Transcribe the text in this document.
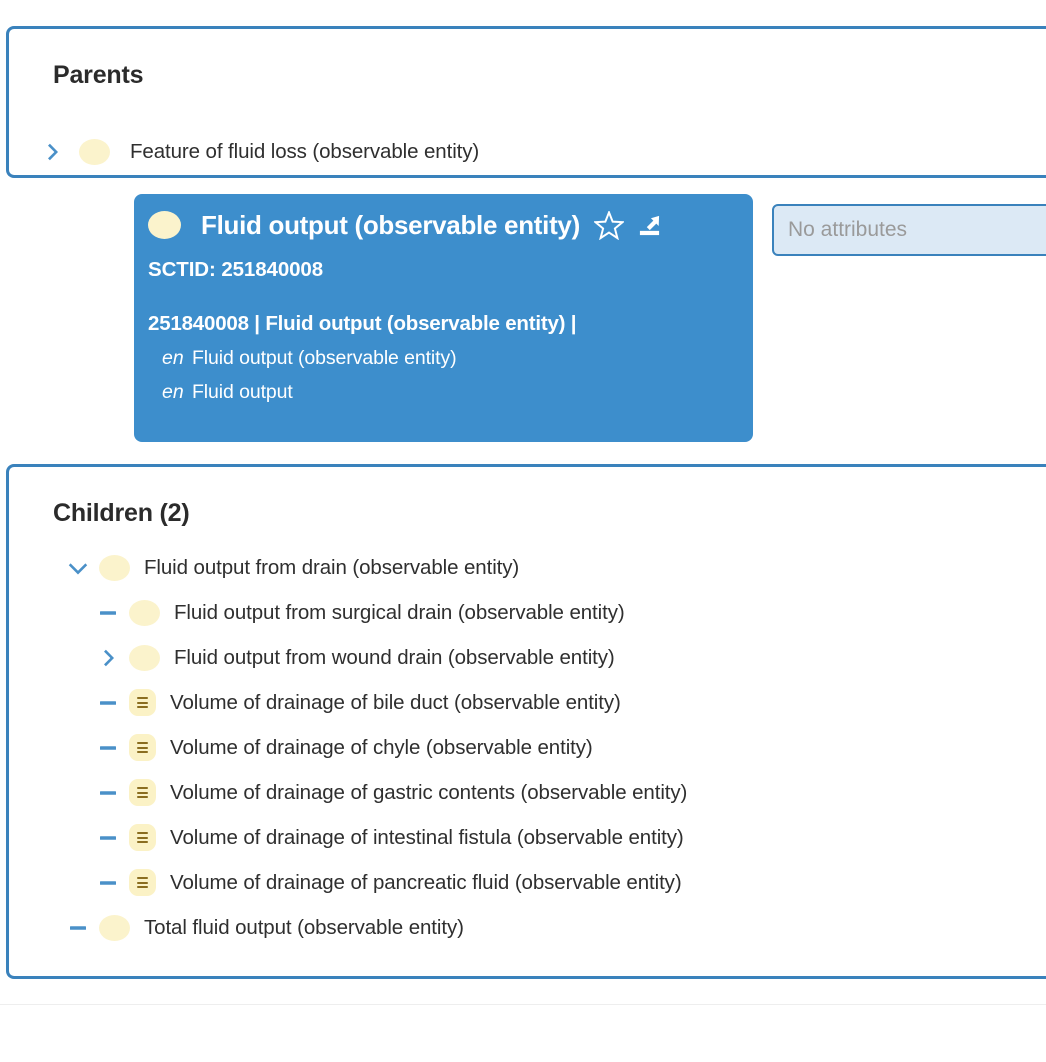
Parents
Feature of fluid loss (observable entity)
Fluid output (observable entity)
SCTID: 251840008
251840008 | Fluid output (observable entity) |
en Fluid output (observable entity)
en Fluid output
No attributes
Children (2)
Fluid output from drain (observable entity)
Fluid output from surgical drain (observable entity)
Fluid output from wound drain (observable entity)
Volume of drainage of bile duct (observable entity)
Volume of drainage of chyle (observable entity)
Volume of drainage of gastric contents (observable entity)
Volume of drainage of intestinal fistula (observable entity)
Volume of drainage of pancreatic fluid (observable entity)
Total fluid output (observable entity)
